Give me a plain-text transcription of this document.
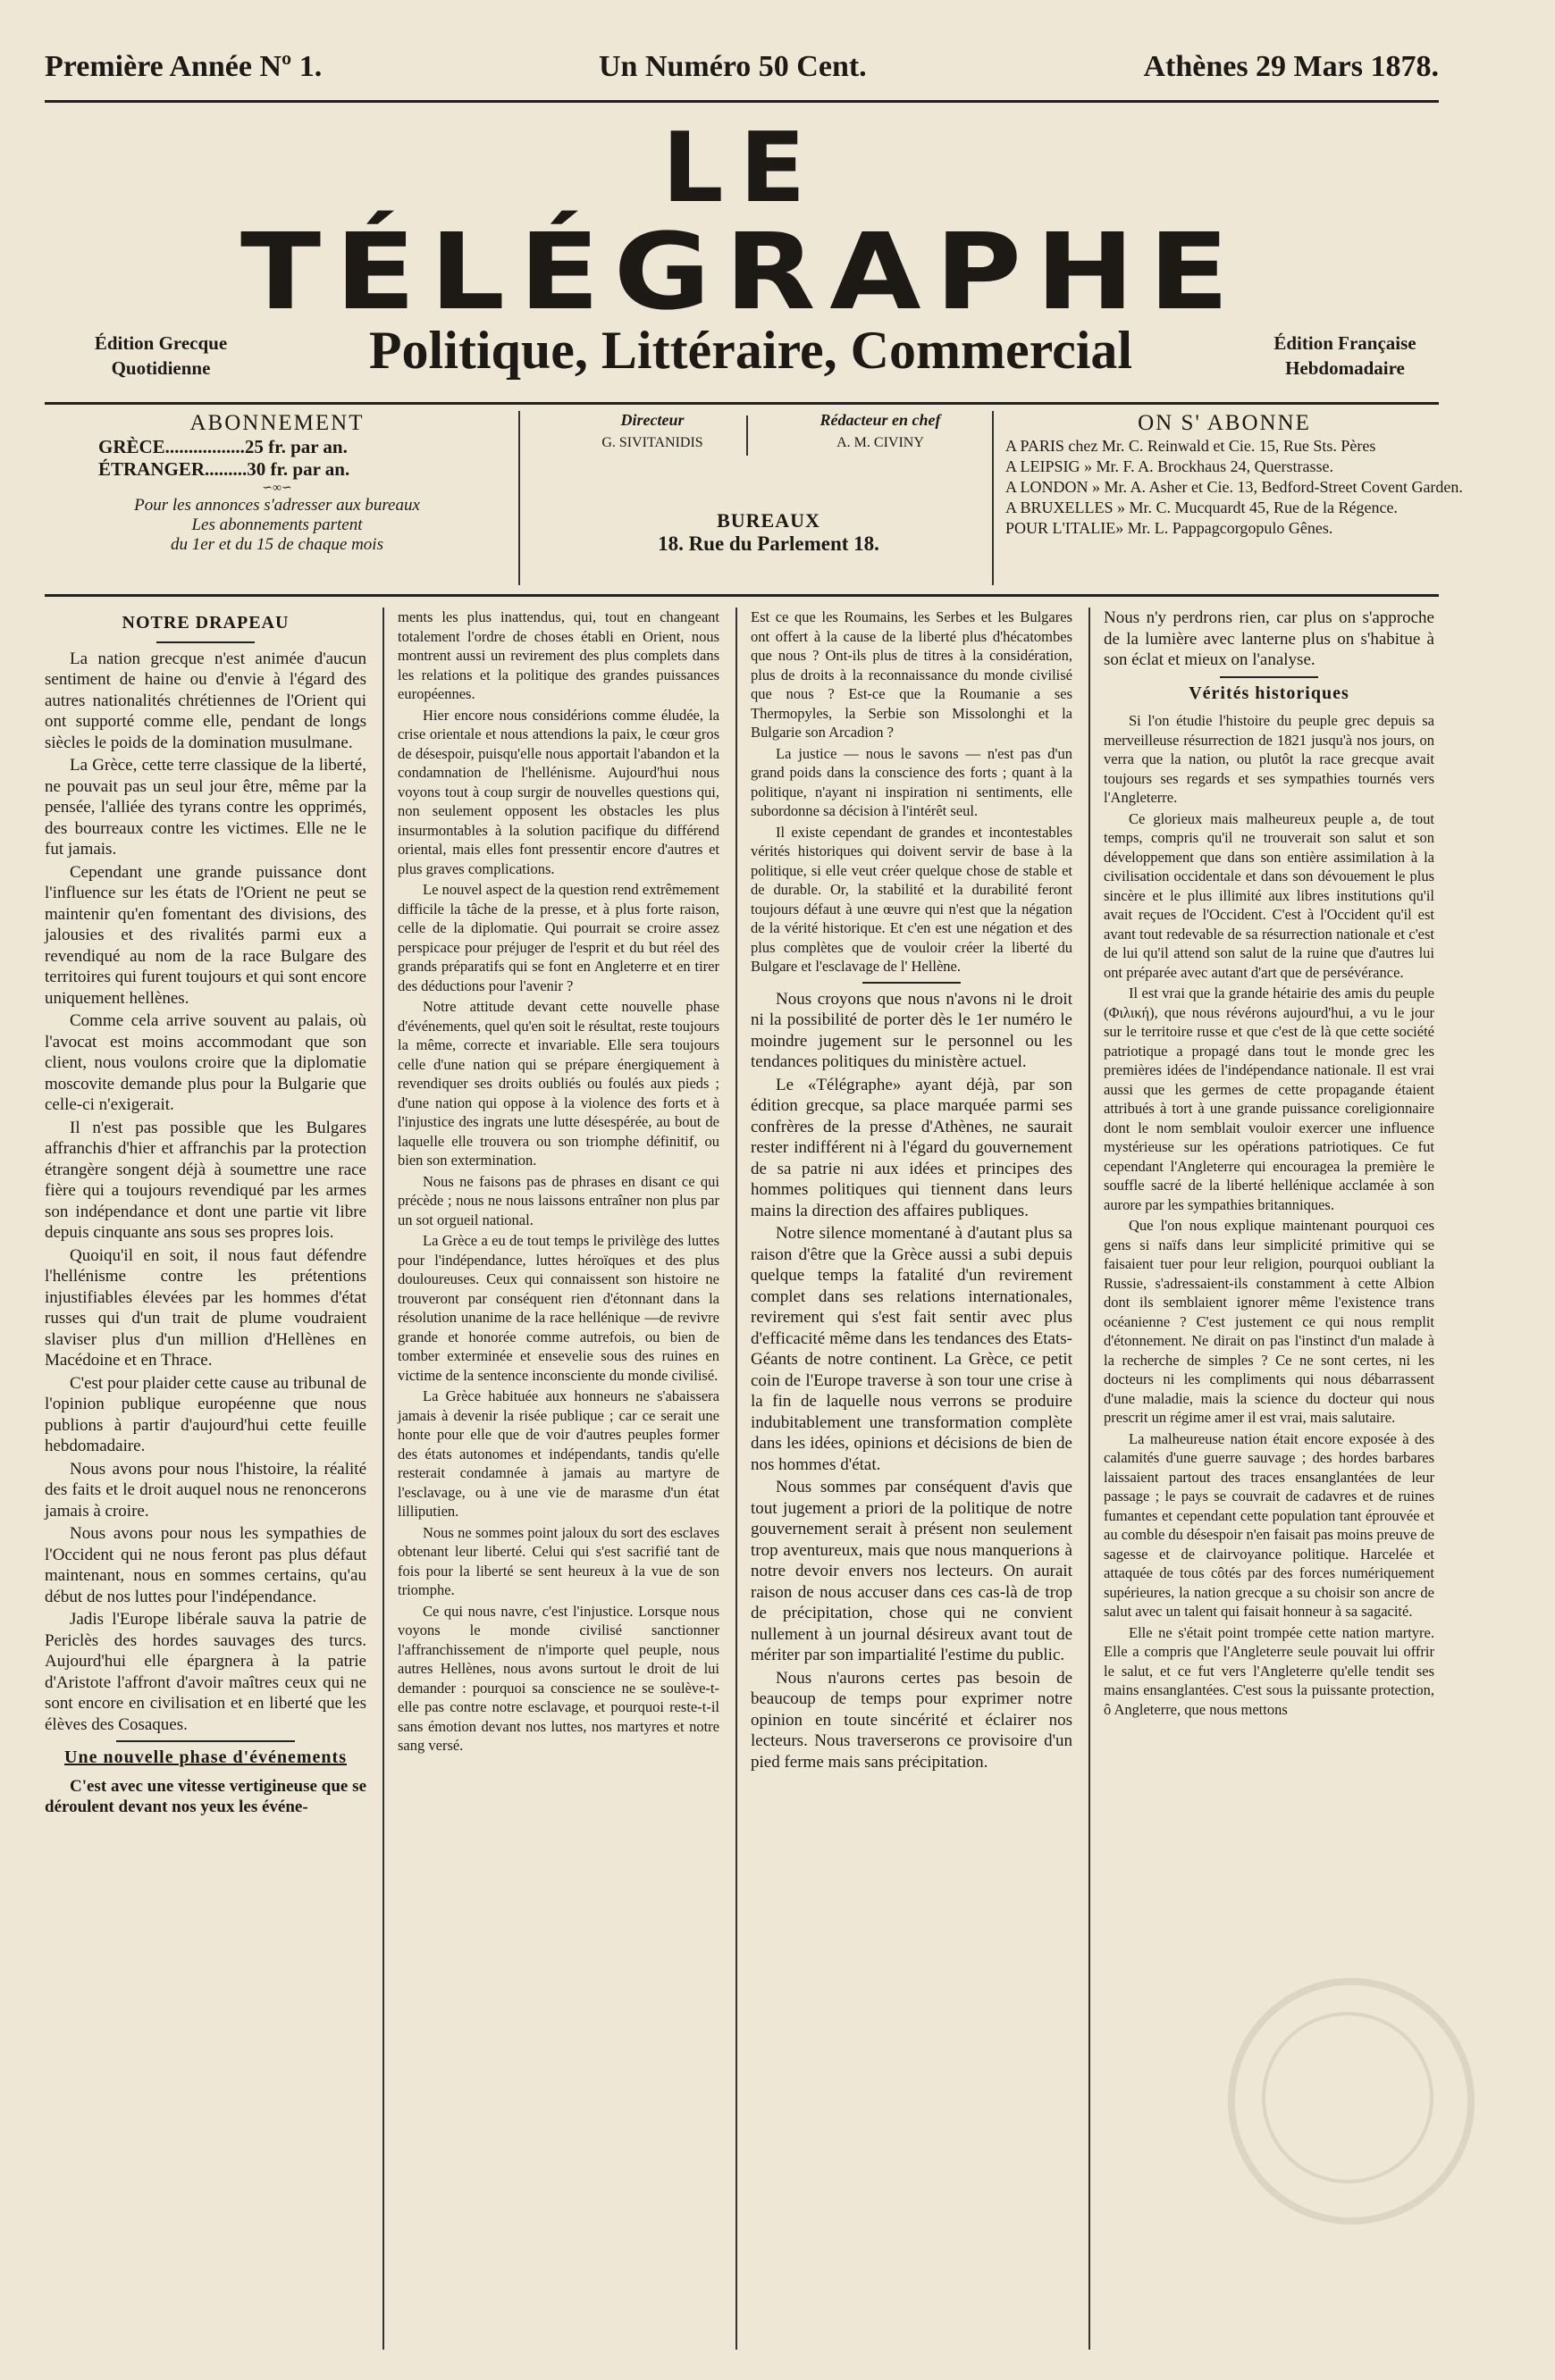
Première Année Nº 1.	Un Numéro 50 Cent.	Athènes 29 Mars 1878.
LE
TÉLÉGRAPHE
Édition Grecque
Quotidienne	Politique, Littéraire, Commercial	Édition Française
Hebdomadaire
ABONNEMENT
GRÈCE.................25 fr. par an.
ÉTRANGER.........30 fr. par an.
∽∞∽
Pour les annonces s'adresser aux bureaux
Les abonnements partent
du 1er et du 15 de chaque mois
Directeur
G. SIVITANIDIS
Rédacteur en chef
A. M. CIVINY
BUREAUX
18. Rue du Parlement 18.
ON S' ABONNE
A PARIS chez Mr. C. Reinwald et Cie. 15, Rue Sts. Pères
A LEIPSIG » Mr. F. A. Brockhaus 24, Querstrasse.
A LONDON » Mr. A. Asher et Cie. 13, Bedford-Street Covent Garden.
A BRUXELLES » Mr. C. Mucquardt 45, Rue de la Régence.
POUR L'ITALIE» Mr. L. Pappagcorgopulo Gênes.
NOTRE DRAPEAU

La nation grecque n'est animée d'aucun sentiment de haine ou d'envie à l'égard des autres nationalités chrétiennes de l'Orient qui ont supporté comme elle, pendant de longs siècles le poids de la domination musulmane.

La Grèce, cette terre classique de la liberté, ne pouvait pas un seul jour être, même par la pensée, l'alliée des tyrans contre les opprimés, des bourreaux contre les victimes. Elle ne le fut jamais.

Cependant une grande puissance dont l'influence sur les états de l'Orient ne peut se maintenir qu'en fomentant des divisions, des jalousies et des rivalités parmi eux a revendiqué au nom de la race Bulgare des territoires qui furent toujours et qui sont encore uniquement hellènes.

Comme cela arrive souvent au palais, où l'avocat est moins accommodant que son client, nous voulons croire que la diplomatie moscovite demande plus pour la Bulgarie que celle-ci n'exigerait.

Il n'est pas possible que les Bulgares affranchis d'hier et affranchis par la protection étrangère songent déjà à soumettre une race fière qui a toujours revendiqué par les armes son indépendance et dont une partie vit libre depuis cinquante ans sous ses propres lois.

Quoiqu'il en soit, il nous faut défendre l'hellénisme contre les prétentions injustifiables élevées par les hommes d'état russes qui d'un trait de plume voudraient slaviser plus d'un million d'Hellènes en Macédoine et en Thrace.

C'est pour plaider cette cause au tribunal de l'opinion publique européenne que nous publions à partir d'aujourd'hui cette feuille hebdomadaire.

Nous avons pour nous l'histoire, la réalité des faits et le droit auquel nous ne renoncerons jamais à croire.

Nous avons pour nous les sympathies de l'Occident qui ne nous feront pas plus défaut maintenant, nous en sommes certains, qu'au début de nos luttes pour l'indépendance.

Jadis l'Europe libérale sauva la patrie de Periclès des hordes sauvages des turcs. Aujourd'hui elle épargnera à la patrie d'Aristote l'affront d'avoir maîtres ceux qui ne sont encore en civilisation et en liberté que les élèves des Cosaques.

Une nouvelle phase d'événements

C'est avec une vitesse vertigineuse que se déroulent devant nos yeux les événe-

ments les plus inattendus, qui, tout en changeant totalement l'ordre de choses établi en Orient, nous montrent aussi un revirement des plus complets dans les relations et la politique des grandes puissances européennes.

Hier encore nous considérions comme éludée, la crise orientale et nous attendions la paix, le cœur gros de désespoir, puisqu'elle nous apportait l'abandon et la condamnation de l'hellénisme. Aujourd'hui nous voyons tout à coup surgir de nouvelles questions qui, non seulement opposent les obstacles les plus insurmontables à la solution pacifique du différend oriental, mais elles font pressentir encore d'autres et plus graves complications.

Le nouvel aspect de la question rend extrêmement difficile la tâche de la presse, et à plus forte raison, celle de la diplomatie. Qui pourrait se croire assez perspicace pour préjuger de l'esprit et du but réel des grands préparatifs qui se font en Angleterre et en tirer des déductions pour l'avenir ?

Notre attitude devant cette nouvelle phase d'événements, quel qu'en soit le résultat, reste toujours la même, correcte et invariable. Elle sera toujours celle d'une nation qui se prépare énergiquement à revendiquer ses droits oubliés ou foulés aux pieds ; d'une nation qui oppose à la violence des forts et à l'injustice des ingrats une lutte désespérée, au bout de laquelle elle trouvera ou son triomphe définitif, ou bien son extermination.

Nous ne faisons pas de phrases en disant ce qui précède ; nous ne nous laissons entraîner non plus par un sot orgueil national.

La Grèce a eu de tout temps le privilège des luttes pour l'indépendance, luttes héroïques et des plus douloureuses. Ceux qui connaissent son histoire ne trouveront par conséquent rien d'étonnant dans la résolution unanime de la race hellénique —de revivre grande et honorée comme autrefois, ou bien de tomber exterminée et ensevelie sous des ruines en victime de la sentence inconsciente du monde civilisé.

La Grèce habituée aux honneurs ne s'abaissera jamais à devenir la risée publique ; car ce serait une honte pour elle que de voir d'autres peuples former des états autonomes et indépendants, tandis qu'elle resterait condamnée à jamais au martyre de l'esclavage, ou à une vie de marasme d'un état lilliputien.

Nous ne sommes point jaloux du sort des esclaves obtenant leur liberté. Celui qui s'est sacrifié tant de fois pour la liberté se sent heureux à la vue de son triomphe.

Ce qui nous navre, c'est l'injustice. Lorsque nous voyons le monde civilisé sanctionner l'affranchissement de n'importe quel peuple, nous autres Hellènes, nous avons surtout le droit de lui demander : pourquoi sa conscience ne se soulève-t-elle pas contre notre esclavage, et pourquoi reste-t-il sans émotion devant nos luttes, nos martyres et notre sang versé.

Est ce que les Roumains, les Serbes et les Bulgares ont offert à la cause de la liberté plus d'hécatombes que nous ? Ont-ils plus de titres à la considération, plus de droits à la reconnaissance du monde civilisé que nous ? Est-ce que la Roumanie a ses Thermopyles, la Serbie son Missolonghi et la Bulgarie son Arcadion ?

La justice — nous le savons — n'est pas d'un grand poids dans la conscience des forts ; quant à la politique, n'ayant ni inspiration ni sentiments, elle subordonne sa décision à l'intérêt seul.

Il existe cependant de grandes et incontestables vérités historiques qui doivent servir de base à la politique, si elle veut créer quelque chose de stable et de durable. Or, la stabilité et la durabilité feront toujours défaut à une œuvre qui n'est que la négation de la vérité historique. Et c'en est une négation et des plus complètes que de vouloir créer la liberté du Bulgare et l'esclavage de l' Hellène.

Nous croyons que nous n'avons ni le droit ni la possibilité de porter dès le 1er numéro le moindre jugement sur le personnel ou les tendances politiques du ministère actuel.

Le «Télégraphe» ayant déjà, par son édition grecque, sa place marquée parmi ses confrères de la presse d'Athènes, ne saurait rester indifférent ni à l'égard du gouvernement de sa patrie ni aux idées et principes des hommes politiques qui tiennent dans leurs mains la direction des affaires publiques.

Notre silence momentané à d'autant plus sa raison d'être que la Grèce aussi a subi depuis quelque temps la fatalité d'un revirement complet dans ses relations internationales, revirement qui s'est fait sentir avec plus d'efficacité même dans les tendances des Etats-Géants de notre continent. La Grèce, ce petit coin de l'Europe traverse à son tour une crise à la fin de laquelle nous verrons se produire indubitablement une transformation complète dans les idées, opinions et décisions de bien de nos hommes d'état.

Nous sommes par conséquent d'avis que tout jugement a priori de la politique de notre gouvernement serait à présent non seulement trop aventureux, mais que nous manquerions à notre devoir envers nos lecteurs. On aurait raison de nous accuser dans ces cas-là de trop de précipitation, chose qui ne convient nullement à un journal désireux avant tout de mériter par son impartialité l'estime du public.

Nous n'aurons certes pas besoin de beaucoup de temps pour exprimer notre opinion en toute sincérité et éclairer nos lecteurs. Nous traverserons ce provisoire d'un pied ferme mais sans précipitation.

Nous n'y perdrons rien, car plus on s'approche de la lumière avec lanterne plus on s'habitue à son éclat et mieux on l'analyse.

Vérités historiques

Si l'on étudie l'histoire du peuple grec depuis sa merveilleuse résurrection de 1821 jusqu'à nos jours, on verra que la nation, ou plutôt la race grecque avait toujours ses regards et ses sympathies tournés vers l'Angleterre.

Ce glorieux mais malheureux peuple a, de tout temps, compris qu'il ne trouverait son salut et son développement que dans son entière assimilation à la civilisation occidentale et dans son dévouement le plus sincère et le plus illimité aux libres institutions qu'il avait reçues de l'Occident. C'est à l'Occident qu'il est avant tout redevable de sa résurrection nationale et c'est de lui qu'il attend son salut de la ruine que d'autres lui ont préparée avec autant d'art que de persévérance.

Il est vrai que la grande hétairie des amis du peuple (Φιλική), que nous révérons aujourd'hui, a vu le jour sur le territoire russe et que c'est de là que cette société patriotique a propagé dans tout le monde grec les premières idées de l'indépendance nationale. Il est vrai aussi que les germes de cette propagande étaient attribués à tort à une grande puissance coreligionnaire dont le nom semblait vouloir exercer une influence mystérieuse sur les opérations patriotiques. Ce fut cependant l'Angleterre qui encouragea la première le souffle sacré de la liberté hellénique acclamée à son aurore par les sympathies britanniques.

Que l'on nous explique maintenant pourquoi ces gens si naïfs dans leur simplicité primitive qui se faisaient tuer pour leur religion, pourquoi oubliant la Russie, s'adressaient-ils constamment à cette Albion dont ils semblaient ignorer même l'existence trans océanienne ? C'est justement ce qui nous remplit d'étonnement. Ne dirait on pas l'instinct d'un malade à la recherche de simples ? Ce ne sont certes, ni les docteurs ni les compliments qui nous débarrassent d'une maladie, mais la science du docteur qui nous prescrit un régime amer il est vrai, mais salutaire.

La malheureuse nation était encore exposée à des calamités d'une guerre sauvage ; des hordes barbares laissaient partout des traces ensanglantées de leur passage ; le pays se couvrait de cadavres et de ruines fumantes et cependant cette population tant éprouvée et au comble du désespoir n'en faisait pas moins preuve de sagesse et de clairvoyance politique. Harcelée et attaquée de tous côtés par des forces numériquement supérieures, la nation grecque a su choisir son ancre de salut avec un talent qui faisait honneur à sa sagacité.

Elle ne s'était point trompée cette nation martyre. Elle a compris que l'Angleterre seule pouvait lui offrir le salut, et ce fut vers l'Angleterre qu'elle tendit ses mains ensanglantées. C'est sous la puissante protection, ô Angleterre, que nous mettons
